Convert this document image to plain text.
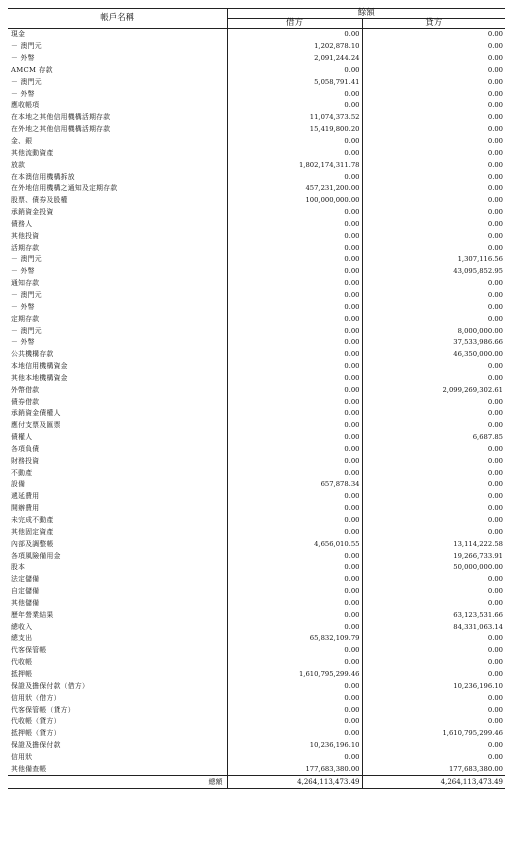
帳戶名稱	餘額	
	借方	貸方
現金	0.00	0.00
－ 澳門元	1,202,878.10	0.00
－ 外幣	2,091,244.24	0.00
AMCM 存款	0.00	0.00
－ 澳門元	5,058,791.41	0.00
－ 外幣	0.00	0.00
應收帳項	0.00	0.00
在本地之其他信用機構活期存款	11,074,373.52	0.00
在外地之其他信用機構活期存款	15,419,800.20	0.00
金、銀	0.00	0.00
其他流動資產	0.00	0.00
放款	1,802,174,311.78	0.00
在本澳信用機構拆放	0.00	0.00
在外地信用機構之通知及定期存款	457,231,200.00	0.00
股票、債券及股權	100,000,000.00	0.00
承銷資金投資	0.00	0.00
債務人	0.00	0.00
其他投資	0.00	0.00
活期存款	0.00	0.00
－ 澳門元	0.00	1,307,116.56
－ 外幣	0.00	43,095,852.95
通知存款	0.00	0.00
－ 澳門元	0.00	0.00
－ 外幣	0.00	0.00
定期存款	0.00	0.00
－ 澳門元	0.00	8,000,000.00
－ 外幣	0.00	37,533,986.66
公共機構存款	0.00	46,350,000.00
本地信用機構資金	0.00	0.00
其他本地機構資金	0.00	0.00
外幣借款	0.00	2,099,269,302.61
債券借款	0.00	0.00
承銷資金債權人	0.00	0.00
應付支票及匯票	0.00	0.00
債權人	0.00	6,687.85
各項負債	0.00	0.00
財務投資	0.00	0.00
不動產	0.00	0.00
設備	657,878.34	0.00
遞延費用	0.00	0.00
開辦費用	0.00	0.00
未完成不動產	0.00	0.00
其他固定資產	0.00	0.00
內部及調整帳	4,656,010.55	13,114,222.58
各項風險備用金	0.00	19,266,733.91
股本	0.00	50,000,000.00
法定儲備	0.00	0.00
自定儲備	0.00	0.00
其他儲備	0.00	0.00
歷年營業結果	0.00	63,123,531.66
總收入	0.00	84,331,063.14
總支出	65,832,109.79	0.00
代客保管帳	0.00	0.00
代收帳	0.00	0.00
抵押帳	1,610,795,299.46	0.00
保證及擔保付款（借方）	0.00	10,236,196.10
信用狀（借方）	0.00	0.00
代客保管帳（貸方）	0.00	0.00
代收帳（貸方）	0.00	0.00
抵押帳（貸方）	0.00	1,610,795,299.46
保證及擔保付款	10,236,196.10	0.00
信用狀	0.00	0.00
其他備查帳	177,683,380.00	177,683,380.00
總額	4,264,113,473.49	4,264,113,473.49
